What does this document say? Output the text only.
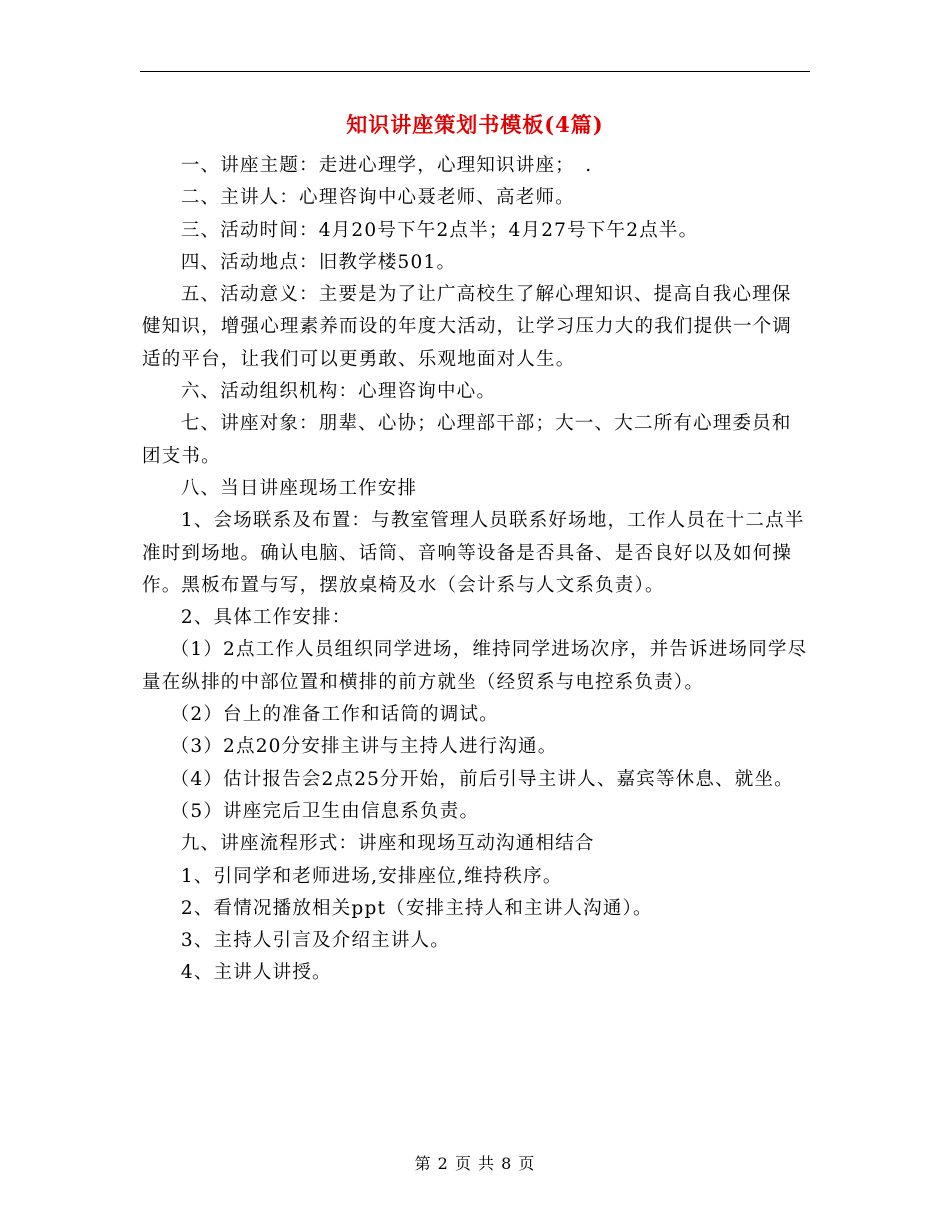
知识讲座策划书模板(4篇)

一、讲座主题：走进心理学，心理知识讲座；　.

二、主讲人：心理咨询中心聂老师、高老师。

三、活动时间：4月20号下午2点半；4月27号下午2点半。

四、活动地点：旧教学楼501。

五、活动意义：主要是为了让广高校生了解心理知识、提高自我心理保健知识，增强心理素养而设的年度大活动，让学习压力大的我们提供一个调适的平台，让我们可以更勇敢、乐观地面对人生。

六、活动组织机构：心理咨询中心。

七、讲座对象：朋辈、心协；心理部干部；大一、大二所有心理委员和团支书。

八、当日讲座现场工作安排

1、会场联系及布置：与教室管理人员联系好场地，工作人员在十二点半准时到场地。确认电脑、话筒、音响等设备是否具备、是否良好以及如何操作。黑板布置与写，摆放桌椅及水（会计系与人文系负责）。

2、具体工作安排：

（1）2点工作人员组织同学进场，维持同学进场次序，并告诉进场同学尽量在纵排的中部位置和横排的前方就坐（经贸系与电控系负责）。

（2）台上的准备工作和话筒的调试。

（3）2点20分安排主讲与主持人进行沟通。

（4）估计报告会2点25分开始，前后引导主讲人、嘉宾等休息、就坐。

（5）讲座完后卫生由信息系负责。

九、讲座流程形式：讲座和现场互动沟通相结合

1、引同学和老师进场,安排座位,维持秩序。

2、看情况播放相关ppt（安排主持人和主讲人沟通）。

3、主持人引言及介绍主讲人。

4、主讲人讲授。

第 2 页 共 8 页
